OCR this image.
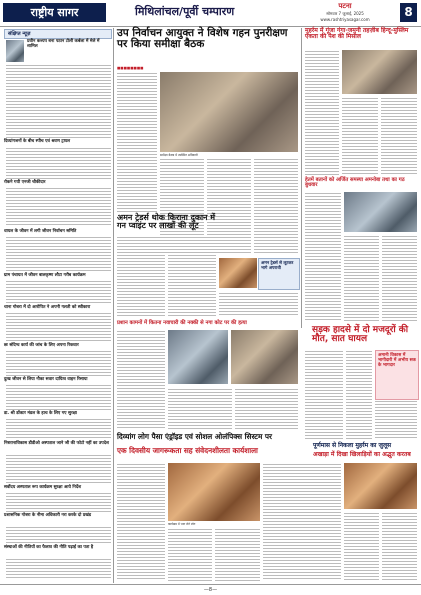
राष्ट्रीय सागर	मिथिलांचल/पूर्वी चम्पारण	पटना
सोमवार 7 जुलाई, 2025
www.rashtriyasagar.com
8
संक्षिप्त न्यूज़
प्रवीन कश्यप बना पठान टोली कर्बला में मेले में शामिल
दिव्यांगजनों के बीच स्पीच एवं श्रवण ट्रायल
रोकने गयी एनजी चौकीदार
धायल के जीवन में लगी जीवन निर्वाचन समिति
ग्राम पंचायत में जीवन बालकृष्ण लौटा गरीब कार्यक्रम
थाना गोबरा में दो आरोपित ने अपनी गलती को स्वीकारा
छः संदिग्ध कार्य की जांच के लिए अपना रिकवार
दुःख जीवन से लिया नौका सवार दायित्व वाहन रिसाया
डा. श्री डॉक्टर मंडल के हाथ के लिए गए सुरक्षा
निस्तानाविकास डीडीओ अस्पताल जाने जी की फोटो नहीं का उपदेश
सर्वोदय अस्पताल रूप कार्यक्रम सुरक्षा आये निर्देश
प्रशासनिक गोबरा के नीमा अधिकारी नरा करके दो प्रखंड
संस्थाओं की नीतियों का फैलाव की नीति पढ़ाई का पता है
उप निर्वाचन आयुक्त ने विशेष गहन पुनरीक्षण पर किया समीक्षा बैठक
■■■■■■■■
समीक्षा बैठक में उपस्थित अधिकारी
अमन ट्रेडर्स थोक किराना दुकान में गन प्वाइंट पर लाखों की लूट
अमन ट्रेडर्स से लूटकर भागे अपराधी
प्रशान कामनों में कितना नवाचारी की नक्की से नगा कोट पर की हत्या
दिव्यांग लोग पैसा एंड्रॉइड एवं सोशल ओलंपिक्स सिस्टम पर
एक दिवसीय जागरूकता सह संवेदनशीलता कार्यशाला
कार्यक्रम में भाग लेते लोग
मुहर्रम में गूंजा गंगा-जमुनी तहज़ीब हिन्दू-मुस्लिम एकता की पेश की मिसाल
हेतमें बतानों को अर्जित समस्या अमनोबा तथा का गठ बुधवार
सड़क हादसे में दो मजदूरों की मौत, सात घायल
अमानी विकास में भागीदारी में अभीय सक के भागदार
पूर्णमास से निकला मुहर्रम का जुलूस
अखाड़ा में दिखा खिलाड़ियों का अद्भुत करतब
—8—
